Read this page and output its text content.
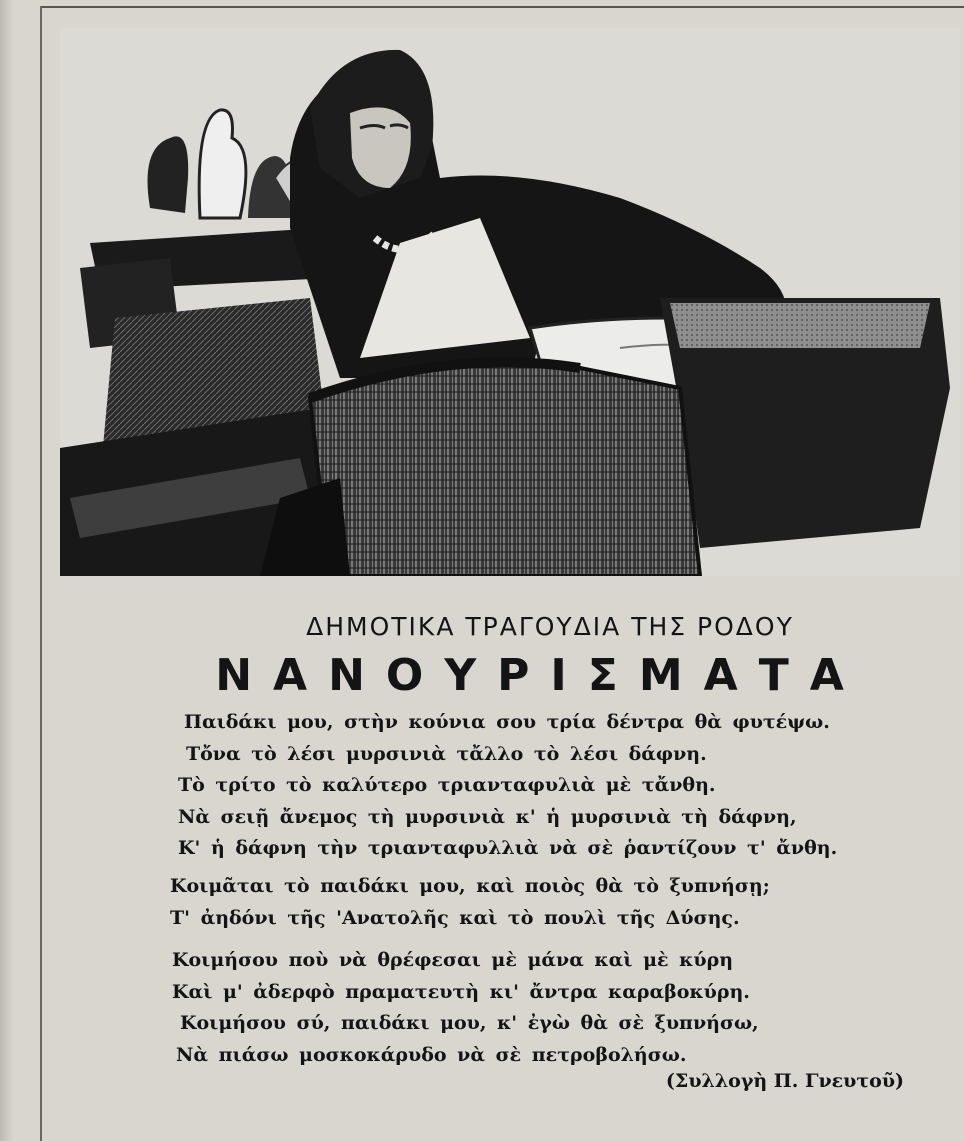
ΔΗΜΟΤΙΚΑ ΤΡΑΓΟΥΔΙΑ ΤΗΣ ΡΟΔΟΥ
ΝΑΝΟΥΡΙΣΜΑΤΑ
Παιδάκι μου, στὴν κούνια σου τρία δέντρα θὰ φυτέψω.
Τὄνα τὸ λέσι μυρσινιὰ τἄλλο τὸ λέσι δάφνη.
Τὸ τρίτο τὸ καλύτερο τριανταφυλιὰ μὲ τἄνθη.
Νὰ σειῇ ἄνεμος τὴ μυρσινιὰ κ' ἡ μυρσινιὰ τὴ δάφνη,
Κ' ἡ δάφνη τὴν τριανταφυλλιὰ νὰ σὲ ῥαντίζουν τ' ἄνθη.
Κοιμᾶται τὸ παιδάκι μου, καὶ ποιὸς θὰ τὸ ξυπνήσῃ;
Τ' ἀηδόνι τῆς 'Ανατολῆς καὶ τὸ πουλὶ τῆς Δύσης.
Κοιμήσου ποὺ νὰ θρέφεσαι μὲ μάνα καὶ μὲ κύρη
Καὶ μ' ἀδερφὸ πραματευτὴ κι' ἄντρα καραβοκύρη.
Κοιμήσου σύ, παιδάκι μου, κ' ἐγὼ θὰ σὲ ξυπνήσω,
Νὰ πιάσω μοσκοκάρυδο νὰ σὲ πετροβολήσω.
(Συλλογὴ Π. Γνευτοῦ)
